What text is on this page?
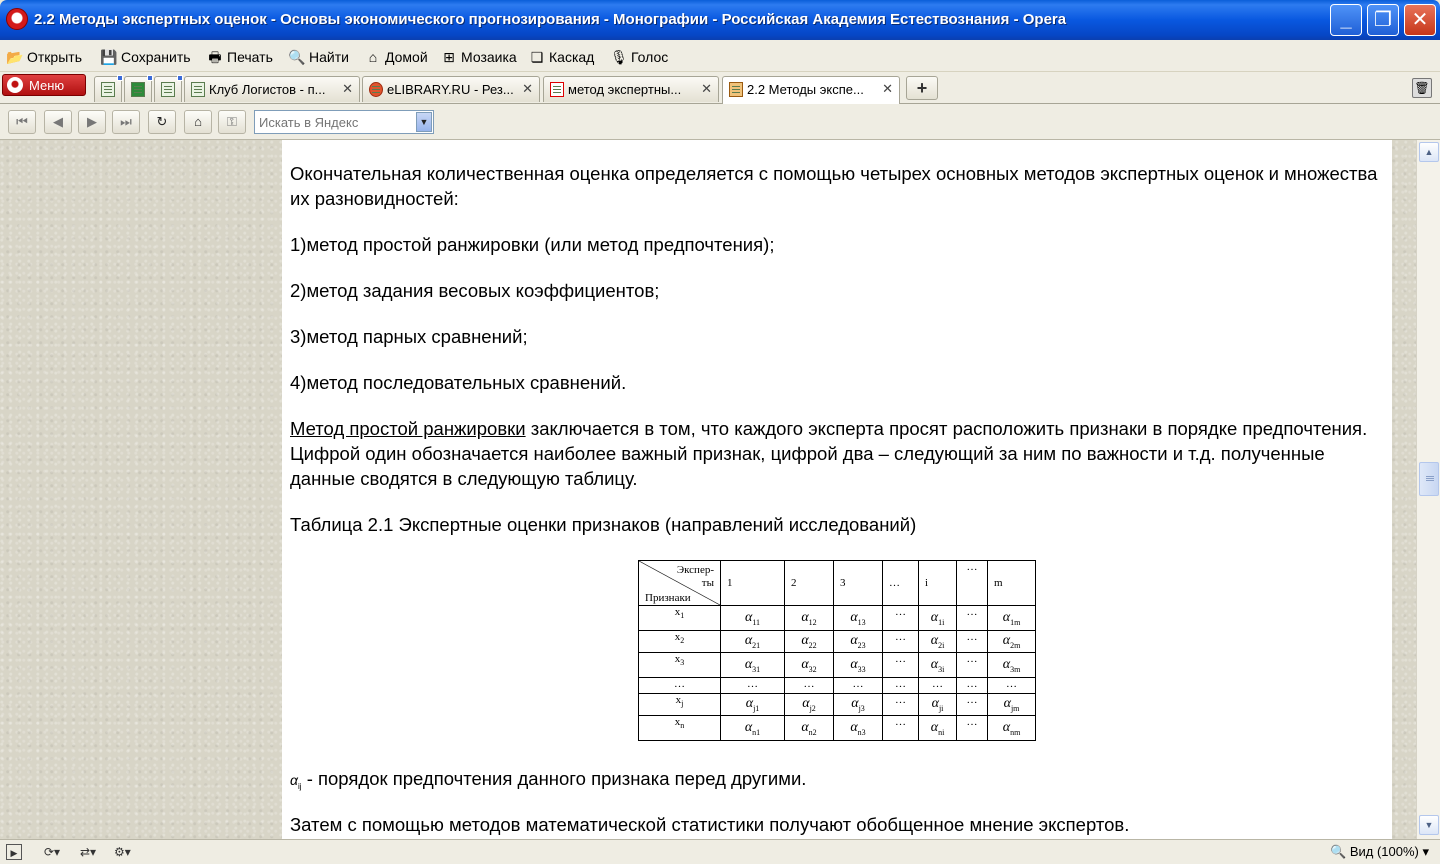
2.2 Методы экспертных оценок - Основы экономического прогнозирования - Монографии - Российская Академия Естествознания - Opera	_	❐ ✕
📂 Открыть 💾 Сохранить 🖶 Печать 🔍 Найти	⌂ Домой ⊞ Мозаика ❏ Каскад 🎙 Голос
Меню	Клуб Логистов - п...	✕	eLIBRARY.RU - Рез... ✕	метод экспертны...	✕	2.2 Методы экспе...	✕	+	🗑
⏮	◀	▶	⏭	↻	⌂	⚿
Искать в Яндекс	▼

Окончательная количественная оценка определяется с помощью четырех основных методов экспертных оценок и множества их разновидностей:

1)метод простой ранжировки (или метод предпочтения);

2)метод задания весовых коэффициентов;

3)метод парных сравнений;

4)метод последовательных сравнений.

Метод простой ранжировки заключается в том, что каждого эксперта просят расположить признаки в порядке предпочтения. Цифрой один обозначается наиболее важный признак, цифрой два – следующий за ним по важности и т.д. полученные данные сводятся в следующую таблицу.

Таблица 2.1 Экспертные оценки признаков (направлений исследований)

Экспер-
ты
Признаки	1	2	3	…	i	…	m
$x_1$	$\alpha_{11}$	$\alpha_{12}$	$\alpha_{13}$	…	$\alpha_{1i}$	…	$\alpha_{1m}$
$x_2$	$\alpha_{21}$	$\alpha_{22}$	$\alpha_{23}$	…	$\alpha_{2i}$	…	$\alpha_{2m}$
$x_3$	$\alpha_{31}$	$\alpha_{32}$	$\alpha_{33}$	…	$\alpha_{3i}$	…	$\alpha_{3m}$
…	…	…	…	…	…	…	…
$x_j$	$\alpha_{j1}$	$\alpha_{j2}$	$\alpha_{j3}$	…	$\alpha_{ji}$	…	$\alpha_{jm}$
$x_n$	$\alpha_{n1}$	$\alpha_{n2}$	$\alpha_{n3}$	…	$\alpha_{ni}$	…	$\alpha_{nm}$

$\alpha_{ij}$ - порядок предпочтения данного признака перед другими.

Затем с помощью методов математической статистики получают обобщенное мнение экспертов.

▲
▼
▶	⟳▾ ⇄▾ ⚙▾	🔍 Вид (100%) ▾
